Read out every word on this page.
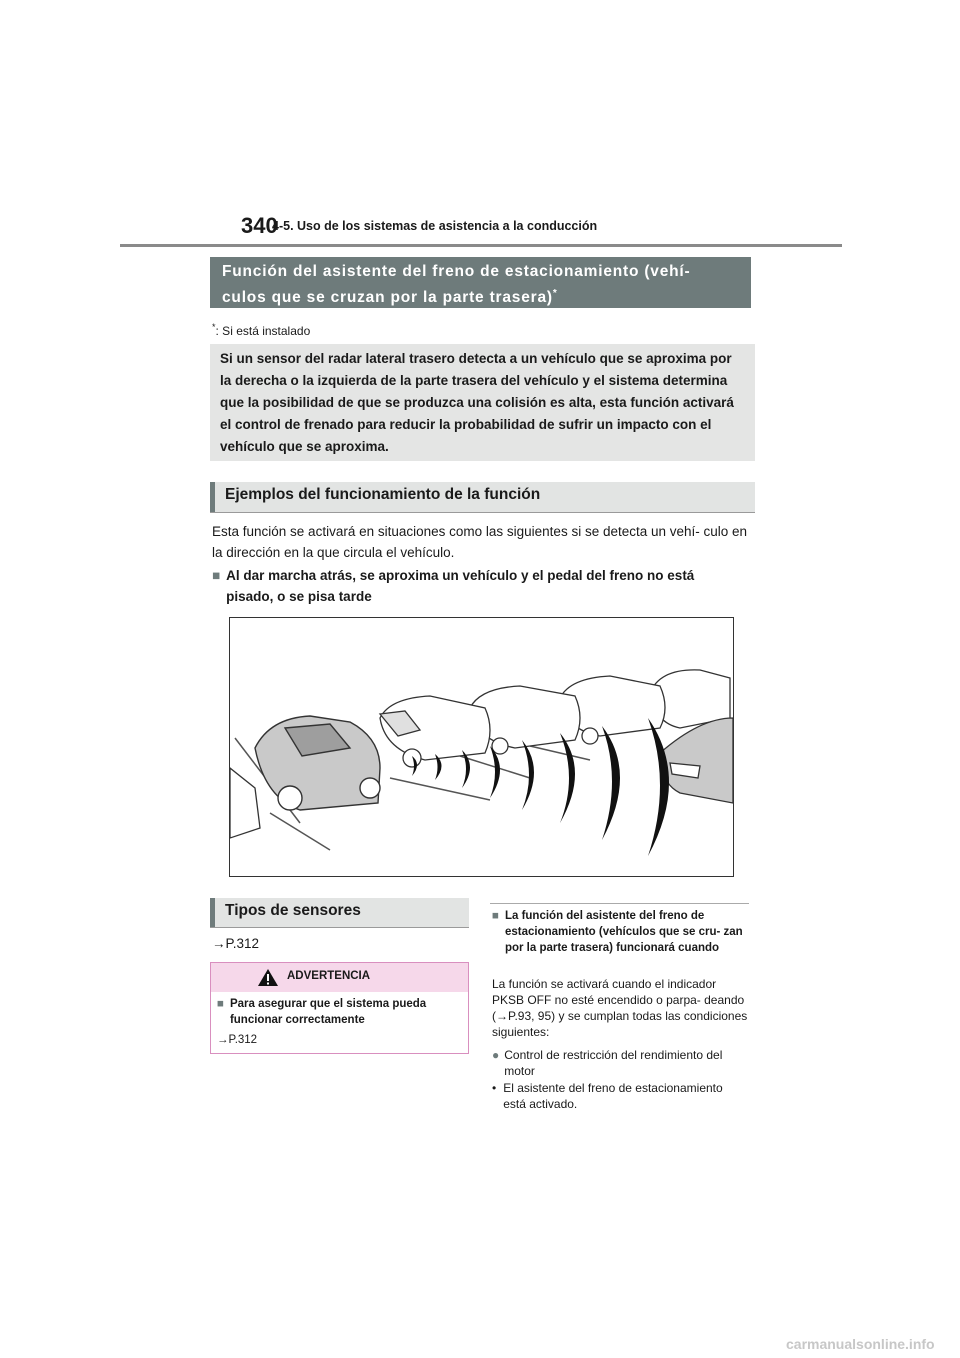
340
4-5. Uso de los sistemas de asistencia a la conducción
Función del asistente del freno de estacionamiento (vehí-
culos que se cruzan por la parte trasera)*
*: Si está instalado
Si un sensor del radar lateral trasero detecta a un vehículo que se aproxima por la derecha o la izquierda de la parte trasera del vehículo y el sistema determina que la posibilidad de que se produzca una colisión es alta, esta función activará el control de frenado para reducir la probabilidad de sufrir un impacto con el vehículo que se aproxima.
Ejemplos del funcionamiento de la función
Esta función se activará en situaciones como las siguientes si se detecta un vehí- culo en la dirección en la que circula el vehículo.
■ Al dar marcha atrás, se aproxima un vehículo y el pedal del freno no está pisado, o se pisa tarde
Tipos de sensores
→P.312
ADVERTENCIA
■ Para asegurar que el sistema pueda funcionar correctamente
→P.312
■ La función del asistente del freno de estacionamiento (vehículos que se cru- zan por la parte trasera) funcionará cuando
La función se activará cuando el indicador PKSB OFF no esté encendido o parpa- deando (→P.93, 95) y se cumplan todas las condiciones siguientes:
● Control de restricción del rendimiento del motor
• El asistente del freno de estacionamiento está activado.
carmanualsonline.info
